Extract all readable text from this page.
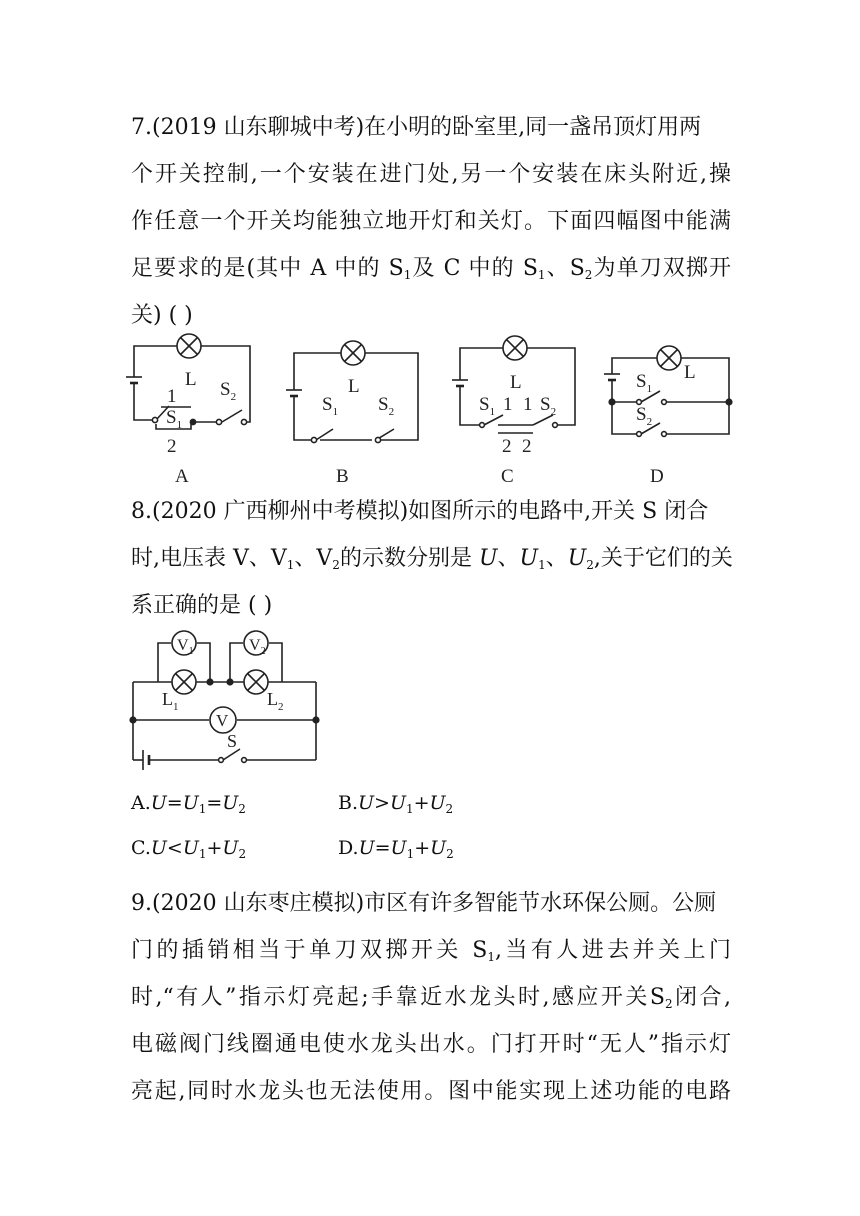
7.(2019 山东聊城中考)在小明的卧室里,同一盏吊顶灯用两
个开关控制,一个安装在进门处,另一个安装在床头附近,操
作任意一个开关均能独立地开灯和关灯。下面四幅图中能满
足要求的是(其中 A 中的 $S_1$及 C 中的 $S_1$、$S_2$为单刀双掷开
关) ( )
L $S_2$
1
$S_1$
2
A
L
$S_1$ $S_2$
B
L
$S_1$ 1 1 $S_2$
2 2
C
L
$S_1$
$S_2$
D
8.(2020 广西柳州中考模拟)如图所示的电路中,开关 S 闭合
时,电压表 V、$V_1$、$V_2$的示数分别是 U、$U_1$、$U_2$,关于它们的关
系正确的是 ( )
$V_1$	$V_2$
V
$L_1$	$L_2$
S
$A.U=U_1=U_2$	$B.U>U_1+U_2$
$C.U<U_1+U_2$	$D.U=U_1+U_2$
9.(2020 山东枣庄模拟)市区有许多智能节水环保公厕。公厕
门的插销相当于单刀双掷开关 $S_1$,当有人进去并关上门
时,“有人”指示灯亮起;手靠近水龙头时,感应开关$S_2$闭合,
电磁阀门线圈通电使水龙头出水。门打开时“无人”指示灯
亮起,同时水龙头也无法使用。图中能实现上述功能的电路
